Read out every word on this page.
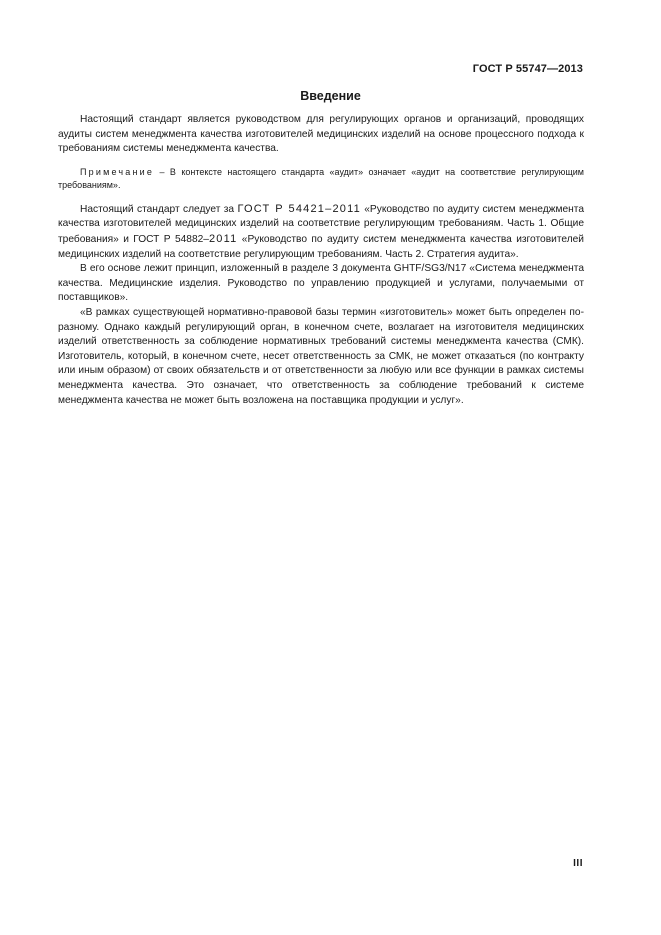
ГОСТ Р 55747—2013
Введение

Настоящий стандарт является руководством для регулирующих органов и организаций, проводящих аудиты систем менеджмента качества изготовителей медицинских изделий на основе процессного подхода к требованиям системы менеджмента качества.

Примечание – В контексте настоящего стандарта «аудит» означает «аудит на соответствие регулирующим требованиям».

Настоящий стандарт следует за ГОСТ Р 54421–2011 «Руководство по аудиту систем менеджмента качества изготовителей медицинских изделий на соответствие регулирующим требованиям. Часть 1. Общие требования» и ГОСТ Р 54882–2011 «Руководство по аудиту систем менеджмента качества изготовителей медицинских изделий на соответствие регулирующим требованиям. Часть 2. Стратегия аудита».

В его основе лежит принцип, изложенный в разделе 3 документа GHTF/SG3/N17 «Система менеджмента качества. Медицинские изделия. Руководство по управлению продукцией и услугами, получаемыми от поставщиков».

«В рамках существующей нормативно-правовой базы термин «изготовитель» может быть определен по-разному. Однако каждый регулирующий орган, в конечном счете, возлагает на изготовителя медицинских изделий ответственность за соблюдение нормативных требований системы менеджмента качества (СМК). Изготовитель, который, в конечном счете, несет ответственность за СМК, не может отказаться (по контракту или иным образом) от своих обязательств и от ответственности за любую или все функции в рамках системы менеджмента качества. Это означает, что ответственность за соблюдение требований к системе менеджмента качества не может быть возложена на поставщика продукции и услуг».

III
